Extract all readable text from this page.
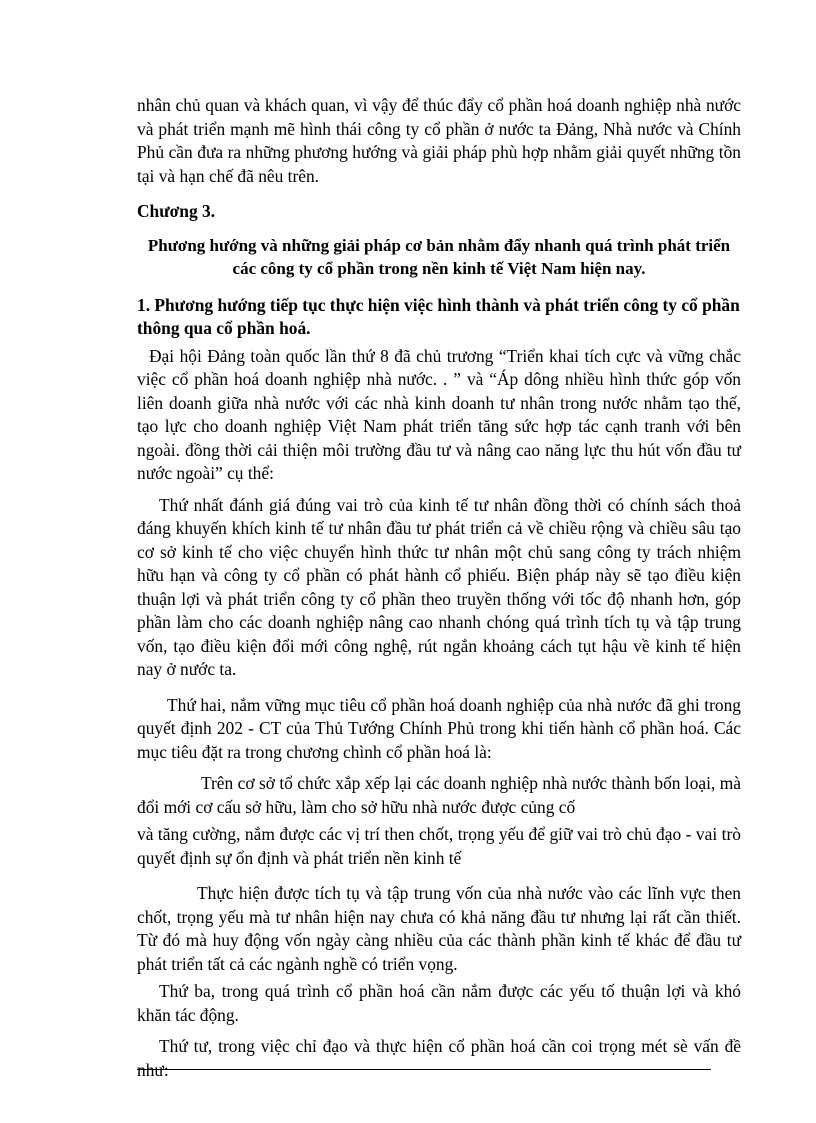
nhân chủ quan và khách quan, vì vậy để thúc đẩy cổ phần hoá doanh nghiệp nhà nước và phát triển mạnh mẽ hình thái công ty cổ phần ở nước ta Đảng, Nhà nước và Chính Phủ cần đưa ra những phương hướng và giải pháp phù hợp nhằm giải quyết những tồn tại và hạn chế đã nêu trên.

Chương 3.
Phương hướng và những giải pháp cơ bản nhằm đẩy nhanh quá trình phát triển các công ty cổ phần trong nền kinh tế Việt Nam hiện nay.
1. Phương hướng tiếp tục thực hiện việc hình thành và phát triển công ty cổ phần thông qua cổ phần hoá.

Đại hội Đảng toàn quốc lần thứ 8 đã chủ trương “Triển khai tích cực và vững chắc việc cổ phần hoá doanh nghiệp nhà nước. . ” và “Áp dông nhiều hình thức góp vốn liên doanh giữa nhà nước với các nhà kinh doanh tư nhân trong nước nhằm tạo thế, tạo lực cho doanh nghiệp Việt Nam phát triển tăng sức hợp tác cạnh tranh với bên ngoài. đồng thời cải thiện môi trường đầu tư và nâng cao năng lực thu hút vốn đầu tư nước ngoài” cụ thể:

Thứ nhất đánh giá đúng vai trò của kinh tế tư nhân đồng thời có chính sách thoả đáng khuyến khích kinh tế tư nhân đầu tư phát triển cả về chiều rộng và chiều sâu tạo cơ sở kinh tế cho việc chuyển hình thức tư nhân một chủ sang công ty trách nhiệm hữu hạn và công ty cổ phần có phát hành cổ phiếu. Biện pháp này sẽ tạo điều kiện thuận lợi và phát triển công ty cổ phần theo truyền thống với tốc độ nhanh hơn, góp phần làm cho các doanh nghiệp nâng cao nhanh chóng quá trình tích tụ và tập trung vốn, tạo điều kiện đổi mới công nghệ, rút ngắn khoảng cách tụt hậu về kinh tế hiện nay ở nước ta.

Thứ hai, nắm vững mục tiêu cổ phần hoá doanh nghiệp của nhà nước đã ghi trong quyết định 202 - CT của Thủ Tướng Chính Phủ trong khi tiến hành cổ phần hoá. Các mục tiêu đặt ra trong chương chình cổ phần hoá là:

Trên cơ sở tổ chức xắp xếp lại các doanh nghiệp nhà nước thành bốn loại, mà đổi mới cơ cấu sở hữu, làm cho sở hữu nhà nước được củng cố

và tăng cường, nắm được các vị trí then chốt, trọng yếu để giữ vai trò chủ đạo - vai trò quyết định sự ổn định và phát triển nền kinh tế

Thực hiện được tích tụ và tập trung vốn của nhà nước vào các lĩnh vực then chốt, trọng yếu mà tư nhân hiện nay chưa có khả năng đầu tư nhưng lại rất cần thiết. Từ đó mà huy động vốn ngày càng nhiều của các thành phần kinh tế khác để đầu tư phát triển tất cả các ngành nghề có triển vọng.

Thứ ba, trong quá trình cổ phần hoá cần nắm được các yếu tố thuận lợi và khó khăn tác động.

Thứ tư, trong việc chỉ đạo và thực hiện cổ phần hoá cần coi trọng mét sè vấn đề như:
